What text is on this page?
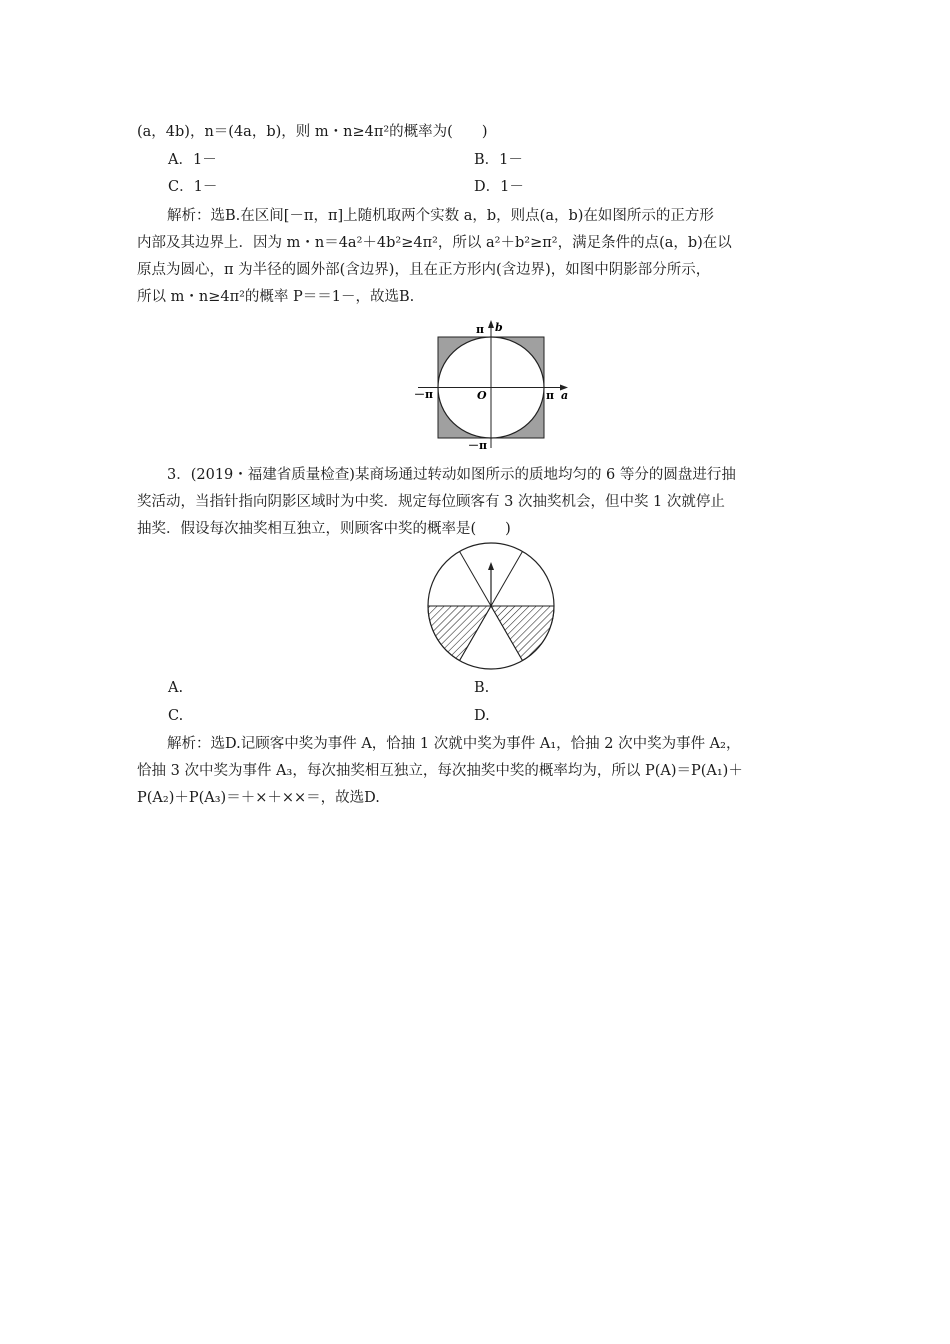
(a，4b)，n＝(4a，b)，则 m・n≥4π²的概率为(　　)
A．1－	B．1－
C．1－	D．1－
解析：选B.在区间[－π，π]上随机取两个实数 a，b，则点(a，b)在如图所示的正方形
内部及其边界上．因为 m・n＝4a²＋4b²≥4π²，所以 a²＋b²≥π²，满足条件的点(a，b)在以
原点为圆心，π 为半径的圆外部(含边界)，且在正方形内(含边界)，如图中阴影部分所示，
所以 m・n≥4π²的概率 P＝＝1－，故选B.
π b
－π	O	π a
－π
3．(2019・福建省质量检查)某商场通过转动如图所示的质地均匀的 6 等分的圆盘进行抽
奖活动，当指针指向阴影区域时为中奖．规定每位顾客有 3 次抽奖机会，但中奖 1 次就停止
抽奖．假设每次抽奖相互独立，则顾客中奖的概率是(　　)
A.	B.
C.	D.
解析：选D.记顾客中奖为事件 A，恰抽 1 次就中奖为事件 A₁，恰抽 2 次中奖为事件 A₂，
恰抽 3 次中奖为事件 A₃，每次抽奖相互独立，每次抽奖中奖的概率均为，所以 P(A)＝P(A₁)＋
P(A₂)＋P(A₃)＝＋×＋××＝，故选D.
